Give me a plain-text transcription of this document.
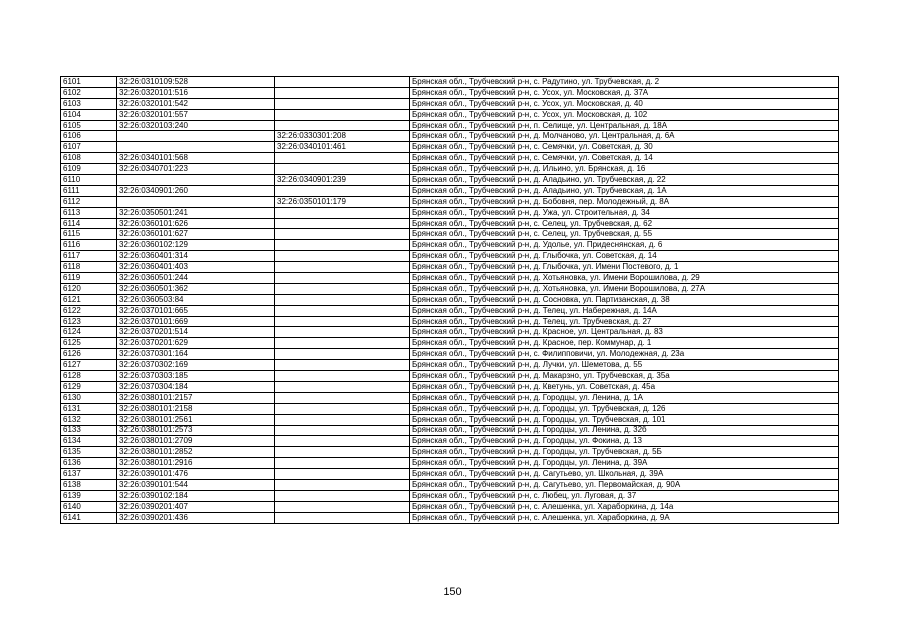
6101	32:26:0310109:528		Брянская обл., Трубчевский р-н, с. Радутино, ул. Трубчевская, д. 2
6102	32:26:0320101:516		Брянская обл., Трубчевский р-н, с. Усох, ул. Московская, д. 37А
6103	32:26:0320101:542		Брянская обл., Трубчевский р-н, с. Усох, ул. Московская, д. 40
6104	32:26:0320101:557		Брянская обл., Трубчевский р-н, с. Усох, ул. Московская, д. 102
6105	32:26:0320103:240		Брянская обл., Трубчевский р-н, п. Селище, ул. Центральная, д. 18А
6106		32:26:0330301:208	Брянская обл., Трубчевский р-н, д. Молчаново, ул. Центральная, д. 6А
6107		32:26:0340101:461	Брянская обл., Трубчевский р-н, с. Семячки, ул. Советская, д. 30
6108	32:26:0340101:568		Брянская обл., Трубчевский р-н, с. Семячки, ул. Советская, д. 14
6109	32:26:0340701:223		Брянская обл., Трубчевский р-н, д. Ильино, ул. Брянская, д. 16
6110		32:26:0340901:239	Брянская обл., Трубчевский р-н, д. Аладьино, ул. Трубчевская, д. 22
6111	32:26:0340901:260		Брянская обл., Трубчевский р-н, д. Аладьино, ул. Трубчевская, д. 1А
6112		32:26:0350101:179	Брянская обл., Трубчевский р-н, д. Бобовня, пер. Молодежный, д. 8А
6113	32:26:0350501:241		Брянская обл., Трубчевский р-н, д. Ужа, ул. Строительная, д. 34
6114	32:26:0360101:626		Брянская обл., Трубчевский р-н, с. Селец, ул. Трубчевская, д. 62
6115	32:26:0360101:627		Брянская обл., Трубчевский р-н, с. Селец, ул. Трубчевская, д. 55
6116	32:26:0360102:129		Брянская обл., Трубчевский р-н, д. Удолье, ул. Придеснянская, д. 6
6117	32:26:0360401:314		Брянская обл., Трубчевский р-н, д. Глыбочка, ул. Советская, д. 14
6118	32:26:0360401:403		Брянская обл., Трубчевский р-н, д. Глыбочка, ул. Имени Постевого, д. 1
6119	32:26:0360501:244		Брянская обл., Трубчевский р-н, д. Хотьяновка, ул. Имени Ворошилова, д. 29
6120	32:26:0360501:362		Брянская обл., Трубчевский р-н, д. Хотьяновка, ул. Имени Ворошилова, д. 27А
6121	32:26:0360503:84		Брянская обл., Трубчевский р-н, д. Сосновка, ул. Партизанская, д. 38
6122	32:26:0370101:665		Брянская обл., Трубчевский р-н, д. Телец, ул. Набережная, д. 14А
6123	32:26:0370101:669		Брянская обл., Трубчевский р-н, д. Телец, ул. Трубчевская, д. 27
6124	32:26:0370201:514		Брянская обл., Трубчевский р-н, д. Красное, ул. Центральная, д. 83
6125	32:26:0370201:629		Брянская обл., Трубчевский р-н, д. Красное, пер. Коммунар, д. 1
6126	32:26:0370301:164		Брянская обл., Трубчевский р-н, с. Филипповичи, ул. Молодежная, д. 23а
6127	32:26:0370302:169		Брянская обл., Трубчевский р-н, д. Лучки, ул. Шеметова, д. 55
6128	32:26:0370303:185		Брянская обл., Трубчевский р-н, д. Макарзно, ул. Трубчевская, д. 35а
6129	32:26:0370304:184		Брянская обл., Трубчевский р-н, д. Кветунь, ул. Советская, д. 45а
6130	32:26:0380101:2157		Брянская обл., Трубчевский р-н, д. Городцы, ул. Ленина, д. 1А
6131	32:26:0380101:2158		Брянская обл., Трубчевский р-н, д. Городцы, ул. Трубчевская, д. 126
6132	32:26:0380101:2561		Брянская обл., Трубчевский р-н, д. Городцы, ул. Трубчевская, д. 101
6133	32:26:0380101:2573		Брянская обл., Трубчевский р-н, д. Городцы, ул. Ленина, д. 32б
6134	32:26:0380101:2709		Брянская обл., Трубчевский р-н, д. Городцы, ул. Фокина, д. 13
6135	32:26:0380101:2852		Брянская обл., Трубчевский р-н, д. Городцы, ул. Трубчевская, д. 5Б
6136	32:26:0380101:2916		Брянская обл., Трубчевский р-н, д. Городцы, ул. Ленина, д. 39А
6137	32:26:0390101:476		Брянская обл., Трубчевский р-н, д. Сагутьево, ул. Школьная, д. 39А
6138	32:26:0390101:544		Брянская обл., Трубчевский р-н, д. Сагутьево, ул. Первомайская, д. 90А
6139	32:26:0390102:184		Брянская обл., Трубчевский р-н, с. Любец, ул. Луговая, д. 37
6140	32:26:0390201:407		Брянская обл., Трубчевский р-н, с. Алешенка, ул. Хараборкина, д. 14а
6141	32:26:0390201:436		Брянская обл., Трубчевский р-н, с. Алешенка, ул. Хараборкина, д. 9А
150
